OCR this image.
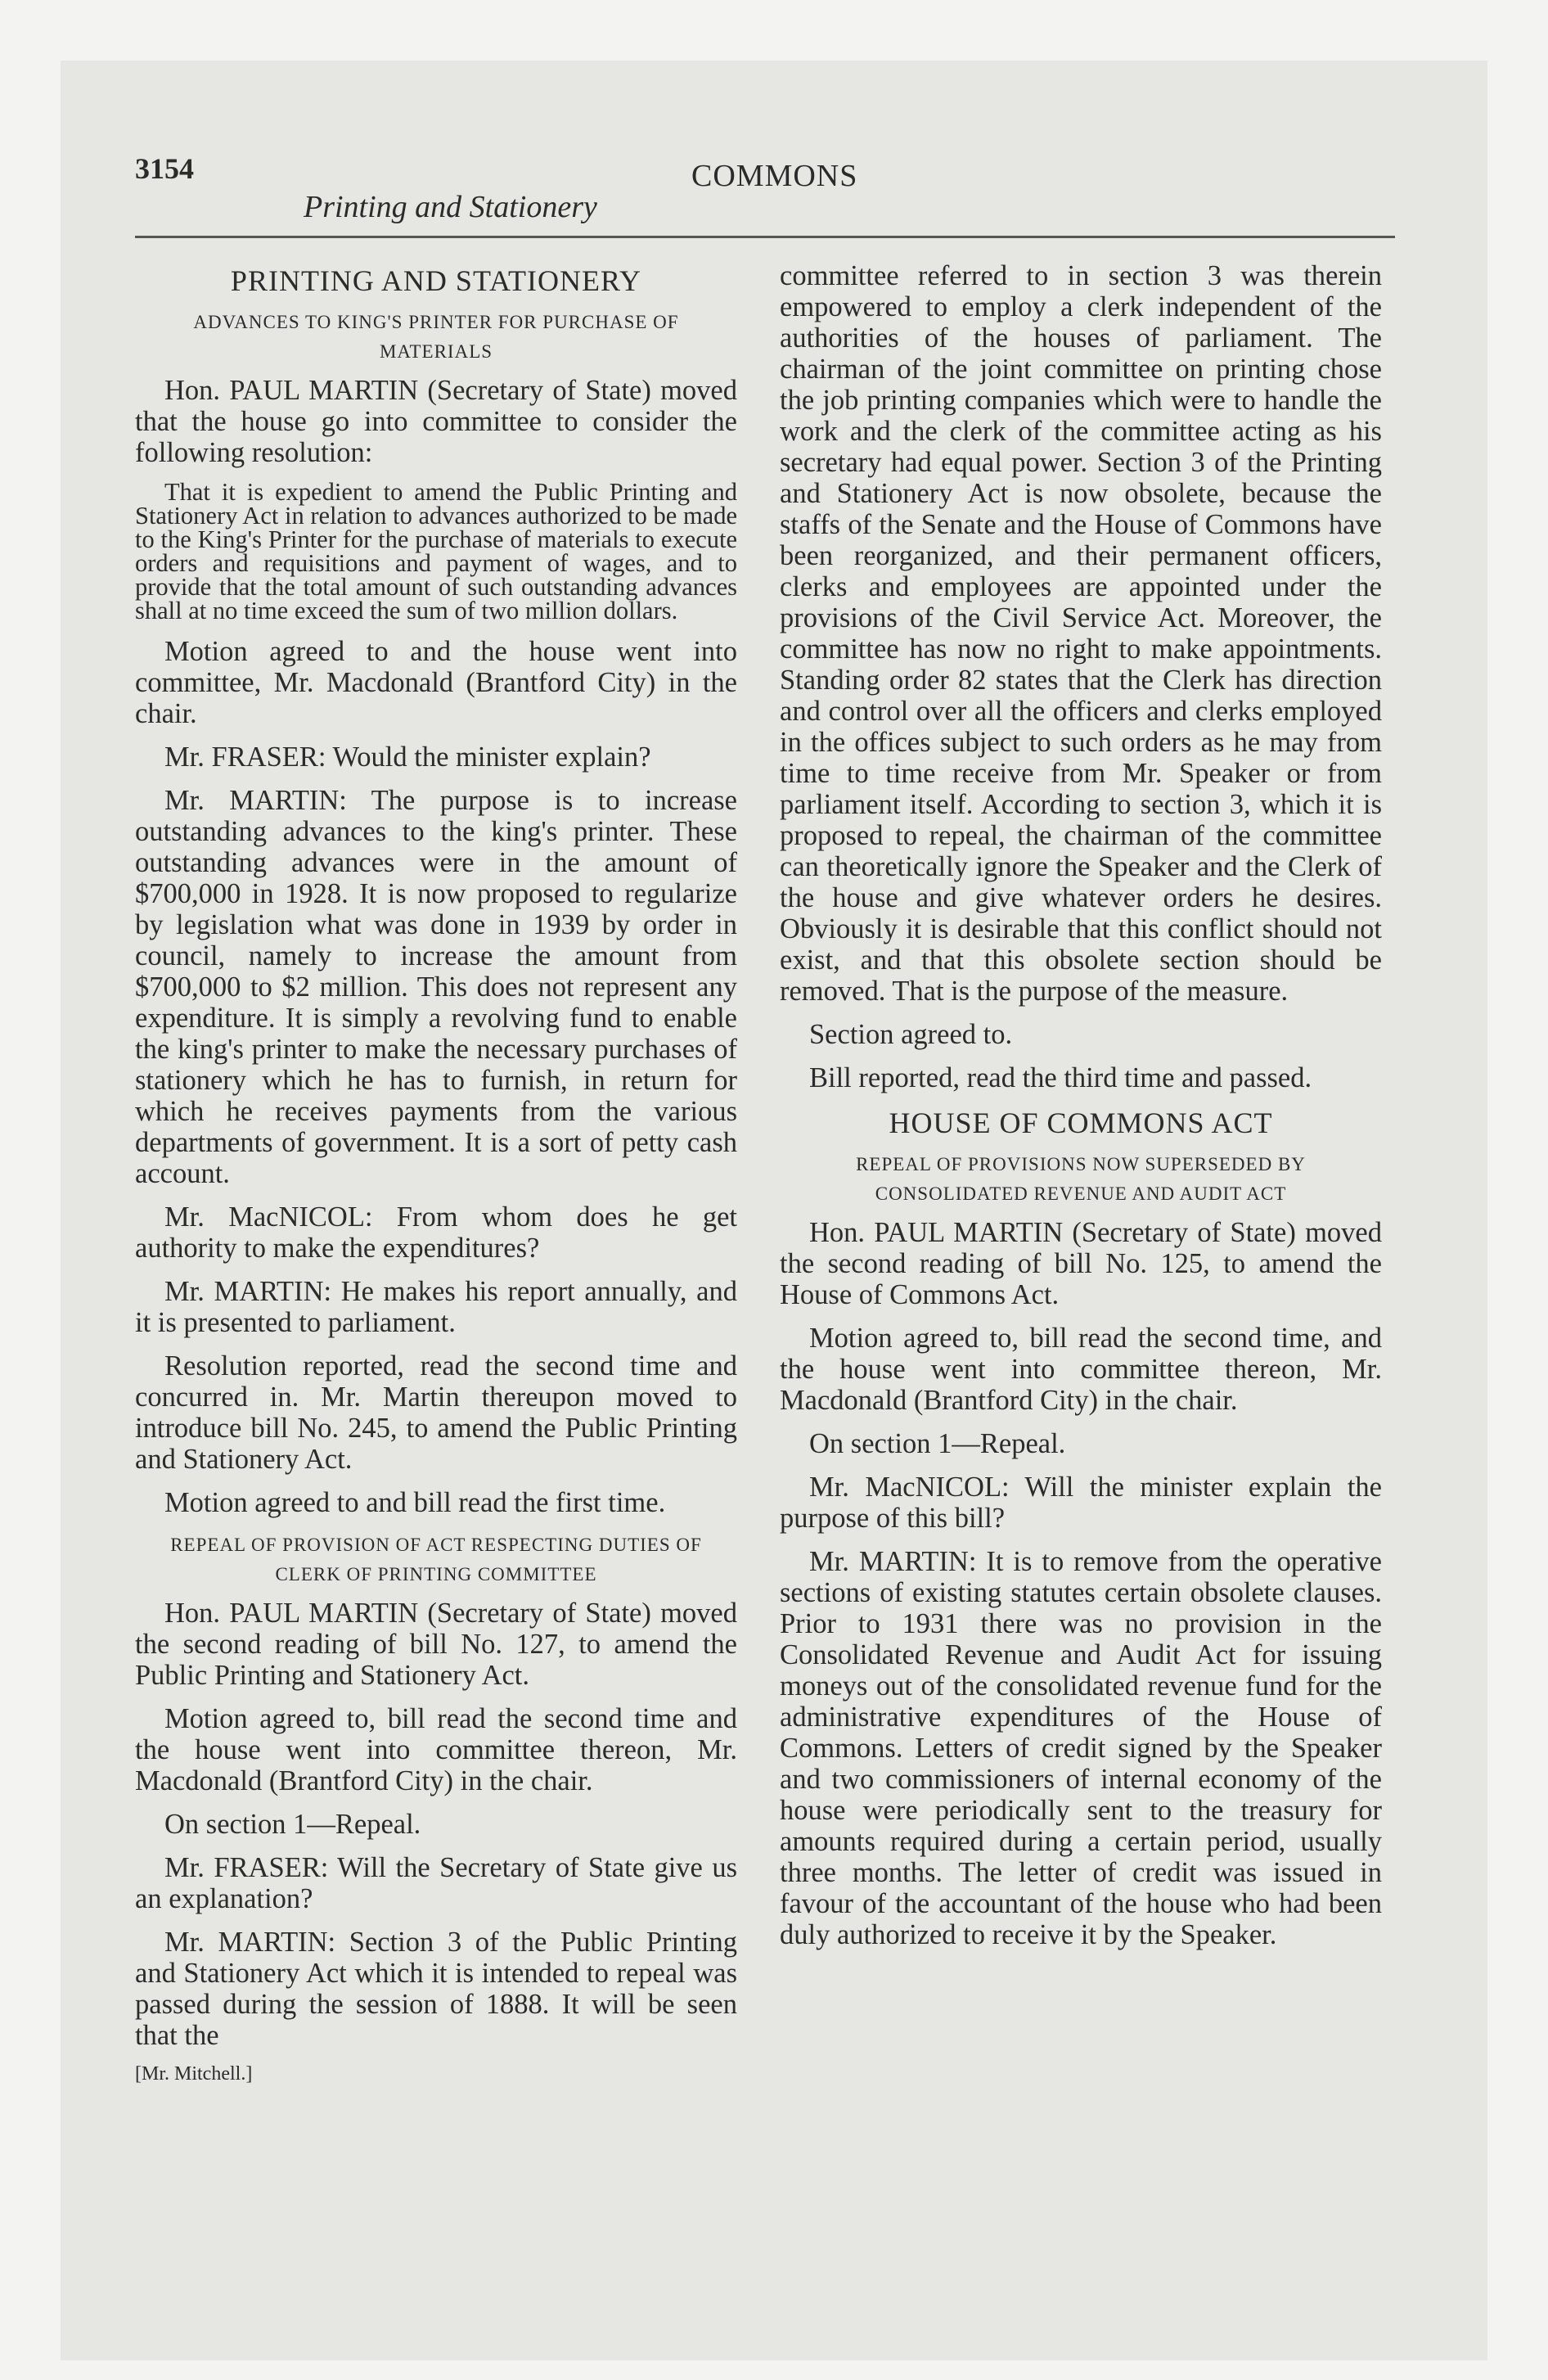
3154
Printing and Stationery
COMMONS
PRINTING AND STATIONERY
ADVANCES TO KING'S PRINTER FOR PURCHASE OF MATERIALS

Hon. PAUL MARTIN (Secretary of State) moved that the house go into committee to consider the following resolution:

That it is expedient to amend the Public Printing and Stationery Act in relation to advances authorized to be made to the King's Printer for the purchase of materials to execute orders and requisitions and payment of wages, and to provide that the total amount of such outstanding advances shall at no time exceed the sum of two million dollars.

Motion agreed to and the house went into committee, Mr. Macdonald (Brantford City) in the chair.

Mr. FRASER: Would the minister explain?

Mr. MARTIN: The purpose is to increase outstanding advances to the king's printer. These outstanding advances were in the amount of $700,000 in 1928. It is now proposed to regularize by legislation what was done in 1939 by order in council, namely to increase the amount from $700,000 to $2 million. This does not represent any expenditure. It is simply a revolving fund to enable the king's printer to make the necessary purchases of stationery which he has to furnish, in return for which he receives payments from the various departments of government. It is a sort of petty cash account.

Mr. MacNICOL: From whom does he get authority to make the expenditures?

Mr. MARTIN: He makes his report annually, and it is presented to parliament.

Resolution reported, read the second time and concurred in. Mr. Martin thereupon moved to introduce bill No. 245, to amend the Public Printing and Stationery Act.

Motion agreed to and bill read the first time.

REPEAL OF PROVISION OF ACT RESPECTING DUTIES OF CLERK OF PRINTING COMMITTEE

Hon. PAUL MARTIN (Secretary of State) moved the second reading of bill No. 127, to amend the Public Printing and Stationery Act.

Motion agreed to, bill read the second time and the house went into committee thereon, Mr. Macdonald (Brantford City) in the chair.

On section 1—Repeal.

Mr. FRASER: Will the Secretary of State give us an explanation?

Mr. MARTIN: Section 3 of the Public Printing and Stationery Act which it is intended to repeal was passed during the session of 1888. It will be seen that the

[Mr. Mitchell.]

committee referred to in section 3 was therein empowered to employ a clerk independent of the authorities of the houses of parliament. The chairman of the joint committee on printing chose the job printing companies which were to handle the work and the clerk of the committee acting as his secretary had equal power. Section 3 of the Printing and Stationery Act is now obsolete, because the staffs of the Senate and the House of Commons have been reorganized, and their permanent officers, clerks and employees are appointed under the provisions of the Civil Service Act. Moreover, the committee has now no right to make appointments. Standing order 82 states that the Clerk has direction and control over all the officers and clerks employed in the offices subject to such orders as he may from time to time receive from Mr. Speaker or from parliament itself. According to section 3, which it is proposed to repeal, the chairman of the committee can theoretically ignore the Speaker and the Clerk of the house and give whatever orders he desires. Obviously it is desirable that this conflict should not exist, and that this obsolete section should be removed. That is the purpose of the measure.

Section agreed to.

Bill reported, read the third time and passed.

HOUSE OF COMMONS ACT
REPEAL OF PROVISIONS NOW SUPERSEDED BY CONSOLIDATED REVENUE AND AUDIT ACT

Hon. PAUL MARTIN (Secretary of State) moved the second reading of bill No. 125, to amend the House of Commons Act.

Motion agreed to, bill read the second time, and the house went into committee thereon, Mr. Macdonald (Brantford City) in the chair.

On section 1—Repeal.

Mr. MacNICOL: Will the minister explain the purpose of this bill?

Mr. MARTIN: It is to remove from the operative sections of existing statutes certain obsolete clauses. Prior to 1931 there was no provision in the Consolidated Revenue and Audit Act for issuing moneys out of the consolidated revenue fund for the administrative expenditures of the House of Commons. Letters of credit signed by the Speaker and two commissioners of internal economy of the house were periodically sent to the treasury for amounts required during a certain period, usually three months. The letter of credit was issued in favour of the accountant of the house who had been duly authorized to receive it by the Speaker.
